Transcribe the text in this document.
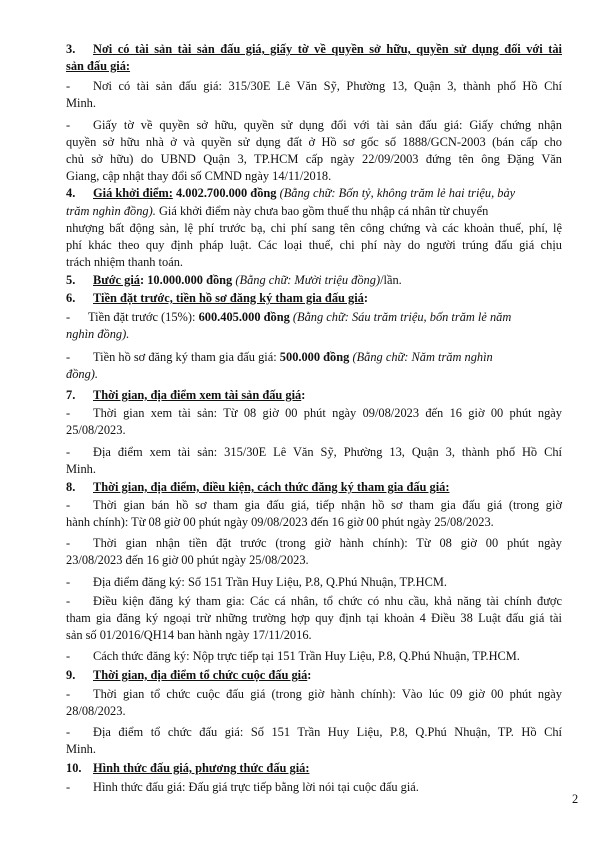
3. Nơi có tài sản tài sản đấu giá, giấy tờ về quyền sở hữu, quyền sử dụng đối với tài
sản đấu giá:
- Nơi có tài sản đấu giá: 315/30E Lê Văn Sỹ, Phường 13, Quận 3, thành phố Hồ Chí
Minh.
- Giấy tờ về quyền sở hữu, quyền sử dụng đối với tài sản đấu giá: Giấy chứng nhận
quyền sở hữu nhà ở và quyền sử dụng đất ở Hồ sơ gốc số 1888/GCN-2003 (bán cấp cho
chủ sở hữu) do UBND Quận 3, TP.HCM cấp ngày 22/09/2003 đứng tên ông Đặng Văn
Giang, cập nhật thay đổi số CMND ngày 14/11/2018.
4. Giá khởi điểm: 4.002.700.000 đồng (Bằng chữ: Bốn tỷ, không trăm lẻ hai triệu, bảy
trăm nghìn đồng). Giá khởi điểm này chưa bao gồm thuế thu nhập cá nhân từ chuyển
nhượng bất động sản, lệ phí trước bạ, chi phí sang tên công chứng và các khoản thuế, phí, lệ
phí khác theo quy định pháp luật. Các loại thuế, chi phí này do người trúng đấu giá chịu
trách nhiệm thanh toán.
5. Bước giá: 10.000.000 đồng (Bằng chữ: Mười triệu đồng)/lần.
6. Tiền đặt trước, tiền hồ sơ đăng ký tham gia đấu giá:
- Tiền đặt trước (15%): 600.405.000 đồng (Bằng chữ: Sáu trăm triệu, bốn trăm lẻ năm
nghìn đồng).
- Tiền hồ sơ đăng ký tham gia đấu giá: 500.000 đồng (Bằng chữ: Năm trăm nghìn
đồng).
7. Thời gian, địa điểm xem tài sản đấu giá:
- Thời gian xem tài sản: Từ 08 giờ 00 phút ngày 09/08/2023 đến 16 giờ 00 phút ngày
25/08/2023.
- Địa điểm xem tài sản: 315/30E Lê Văn Sỹ, Phường 13, Quận 3, thành phố Hồ Chí
Minh.
8. Thời gian, địa điểm, điều kiện, cách thức đăng ký tham gia đấu giá:
- Thời gian bán hồ sơ tham gia đấu giá, tiếp nhận hồ sơ tham gia đấu giá (trong giờ
hành chính): Từ 08 giờ 00 phút ngày 09/08/2023 đến 16 giờ 00 phút ngày 25/08/2023.
- Thời gian nhận tiền đặt trước (trong giờ hành chính): Từ 08 giờ 00 phút ngày
23/08/2023 đến 16 giờ 00 phút ngày 25/08/2023.
- Địa điểm đăng ký: Số 151 Trần Huy Liệu, P.8, Q.Phú Nhuận, TP.HCM.
- Điều kiện đăng ký tham gia: Các cá nhân, tổ chức có nhu cầu, khả năng tài chính được
tham gia đăng ký ngoại trừ những trường hợp quy định tại khoản 4 Điều 38 Luật đấu giá tài
sản số 01/2016/QH14 ban hành ngày 17/11/2016.
- Cách thức đăng ký: Nộp trực tiếp tại 151 Trần Huy Liệu, P.8, Q.Phú Nhuận, TP.HCM.
9. Thời gian, địa điểm tổ chức cuộc đấu giá:
- Thời gian tổ chức cuộc đấu giá (trong giờ hành chính): Vào lúc 09 giờ 00 phút ngày
28/08/2023.
- Địa điểm tổ chức đấu giá: Số 151 Trần Huy Liệu, P.8, Q.Phú Nhuận, TP. Hồ Chí
Minh.
10. Hình thức đấu giá, phương thức đấu giá:
- Hình thức đấu giá: Đấu giá trực tiếp bằng lời nói tại cuộc đấu giá.
2
